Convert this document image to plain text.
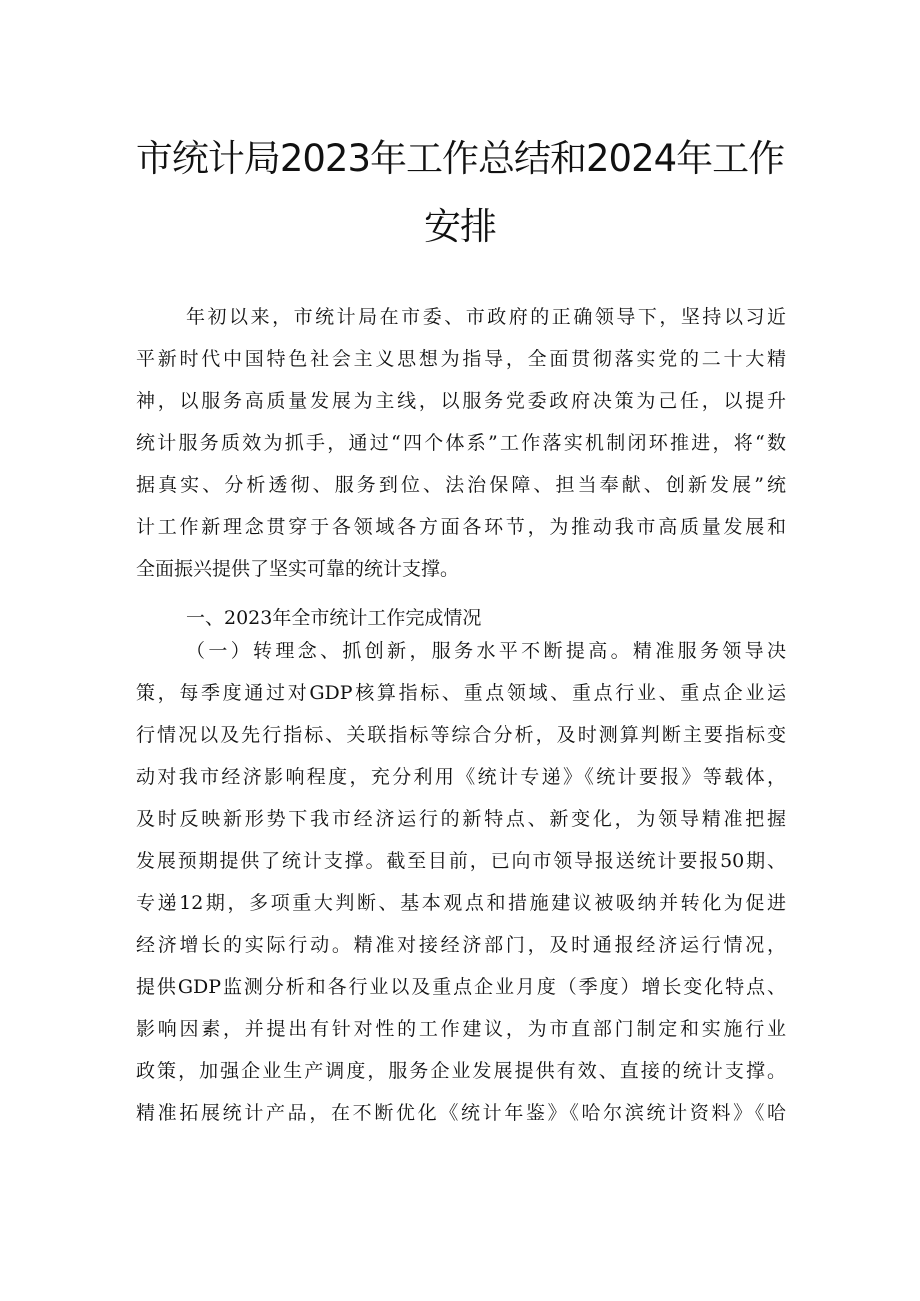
市统计局2023年工作总结和2024年工作
安排
年初以来，市统计局在市委、市政府的正确领导下，坚持以习近
平新时代中国特色社会主义思想为指导，全面贯彻落实党的二十大精
神，以服务高质量发展为主线，以服务党委政府决策为己任，以提升
统计服务质效为抓手，通过“四个体系”工作落实机制闭环推进，将“数
据真实、分析透彻、服务到位、法治保障、担当奉献、创新发展”统
计工作新理念贯穿于各领域各方面各环节，为推动我市高质量发展和
全面振兴提供了坚实可靠的统计支撑。
一、2023年全市统计工作完成情况
（一）转理念、抓创新，服务水平不断提高。精准服务领导决
策，每季度通过对GDP核算指标、重点领域、重点行业、重点企业运
行情况以及先行指标、关联指标等综合分析，及时测算判断主要指标变
动对我市经济影响程度，充分利用《统计专递》《统计要报》等载体，
及时反映新形势下我市经济运行的新特点、新变化，为领导精准把握
发展预期提供了统计支撑。截至目前，已向市领导报送统计要报50期、
专递12期，多项重大判断、基本观点和措施建议被吸纳并转化为促进
经济增长的实际行动。精准对接经济部门，及时通报经济运行情况，
提供GDP监测分析和各行业以及重点企业月度（季度）增长变化特点、
影响因素，并提出有针对性的工作建议，为市直部门制定和实施行业
政策，加强企业生产调度，服务企业发展提供有效、直接的统计支撑。
精准拓展统计产品，在不断优化《统计年鉴》《哈尔滨统计资料》《哈
